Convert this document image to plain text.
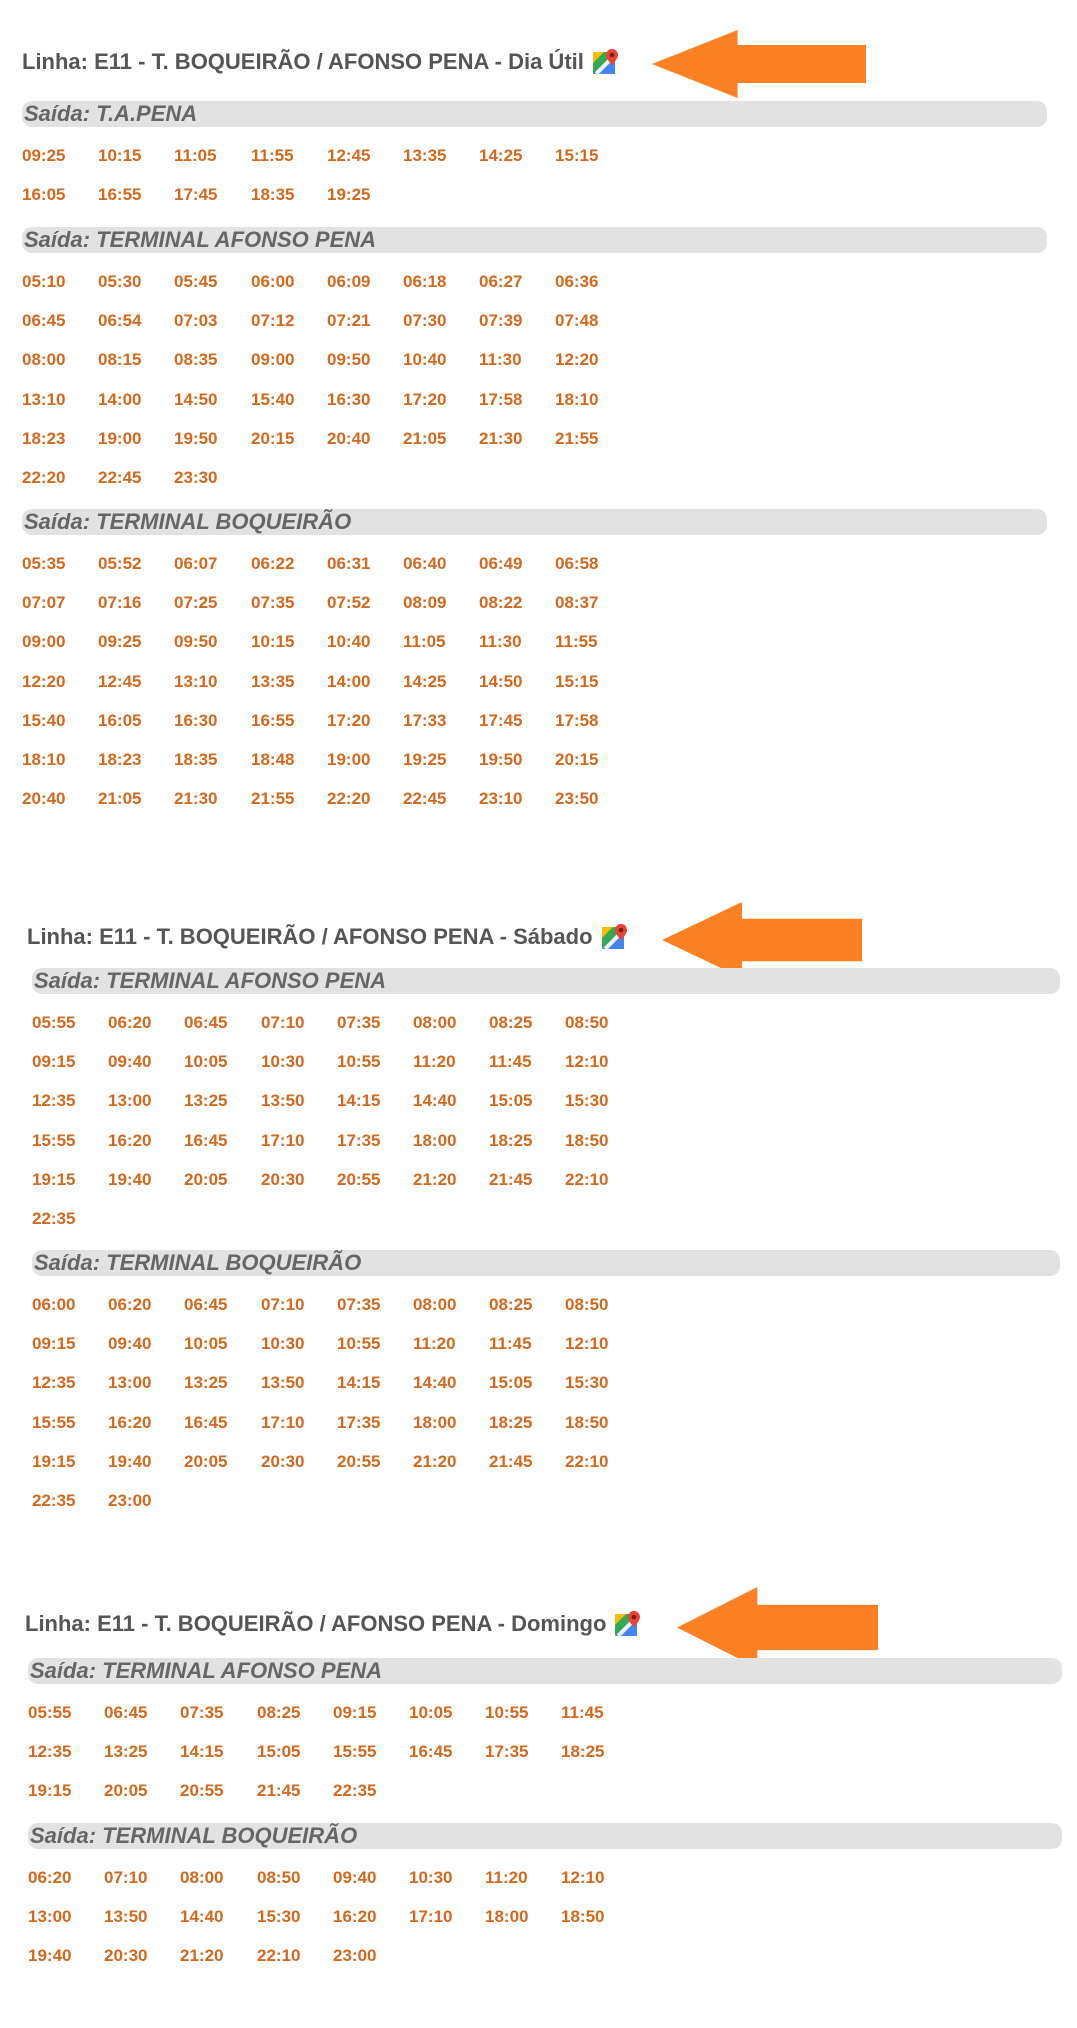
Linha: E11 - T. BOQUEIRÃO / AFONSO PENA - Dia Útil
Saída: T.A.PENA
09:25 10:15 11:05 11:55 12:45 13:35 14:25 15:15
16:05 16:55 17:45 18:35 19:25
Saída: TERMINAL AFONSO PENA
05:10 05:30 05:45 06:00 06:09 06:18 06:27 06:36
06:45 06:54 07:03 07:12 07:21 07:30 07:39 07:48
08:00 08:15 08:35 09:00 09:50 10:40 11:30 12:20
13:10 14:00 14:50 15:40 16:30 17:20 17:58 18:10
18:23 19:00 19:50 20:15 20:40 21:05 21:30 21:55
22:20 22:45 23:30
Saída: TERMINAL BOQUEIRÃO
05:35 05:52 06:07 06:22 06:31 06:40 06:49 06:58
07:07 07:16 07:25 07:35 07:52 08:09 08:22 08:37
09:00 09:25 09:50 10:15 10:40 11:05 11:30 11:55
12:20 12:45 13:10 13:35 14:00 14:25 14:50 15:15
15:40 16:05 16:30 16:55 17:20 17:33 17:45 17:58
18:10 18:23 18:35 18:48 19:00 19:25 19:50 20:15
20:40 21:05 21:30 21:55 22:20 22:45 23:10 23:50
Linha: E11 - T. BOQUEIRÃO / AFONSO PENA - Sábado
Saída: TERMINAL AFONSO PENA
05:55 06:20 06:45 07:10 07:35 08:00 08:25 08:50
09:15 09:40 10:05 10:30 10:55 11:20 11:45 12:10
12:35 13:00 13:25 13:50 14:15 14:40 15:05 15:30
15:55 16:20 16:45 17:10 17:35 18:00 18:25 18:50
19:15 19:40 20:05 20:30 20:55 21:20 21:45 22:10
22:35
Saída: TERMINAL BOQUEIRÃO
06:00 06:20 06:45 07:10 07:35 08:00 08:25 08:50
09:15 09:40 10:05 10:30 10:55 11:20 11:45 12:10
12:35 13:00 13:25 13:50 14:15 14:40 15:05 15:30
15:55 16:20 16:45 17:10 17:35 18:00 18:25 18:50
19:15 19:40 20:05 20:30 20:55 21:20 21:45 22:10
22:35 23:00
Linha: E11 - T. BOQUEIRÃO / AFONSO PENA - Domingo
Saída: TERMINAL AFONSO PENA
05:55 06:45 07:35 08:25 09:15 10:05 10:55 11:45
12:35 13:25 14:15 15:05 15:55 16:45 17:35 18:25
19:15 20:05 20:55 21:45 22:35
Saída: TERMINAL BOQUEIRÃO
06:20 07:10 08:00 08:50 09:40 10:30 11:20 12:10
13:00 13:50 14:40 15:30 16:20 17:10 18:00 18:50
19:40 20:30 21:20 22:10 23:00
